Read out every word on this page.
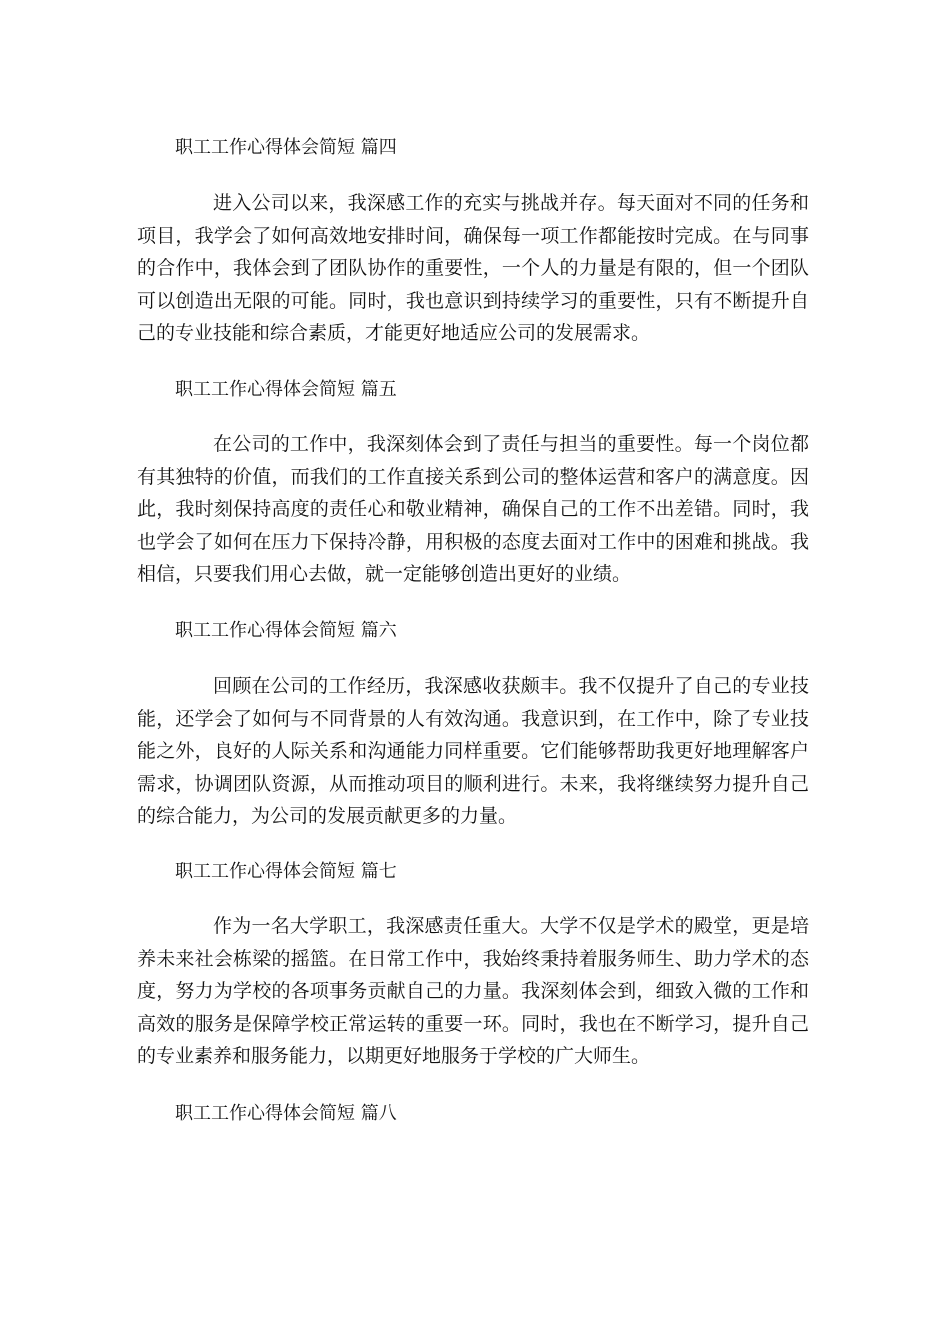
职工工作心得体会简短 篇四
进入公司以来，我深感工作的充实与挑战并存。每天面对不同的任务和项目，我学会了如何高效地安排时间，确保每一项工作都能按时完成。在与同事的合作中，我体会到了团队协作的重要性，一个人的力量是有限的，但一个团队可以创造出无限的可能。同时，我也意识到持续学习的重要性，只有不断提升自己的专业技能和综合素质，才能更好地适应公司的发展需求。
职工工作心得体会简短 篇五
在公司的工作中，我深刻体会到了责任与担当的重要性。每一个岗位都有其独特的价值，而我们的工作直接关系到公司的整体运营和客户的满意度。因此，我时刻保持高度的责任心和敬业精神，确保自己的工作不出差错。同时，我也学会了如何在压力下保持冷静，用积极的态度去面对工作中的困难和挑战。我相信，只要我们用心去做，就一定能够创造出更好的业绩。
职工工作心得体会简短 篇六
回顾在公司的工作经历，我深感收获颇丰。我不仅提升了自己的专业技能，还学会了如何与不同背景的人有效沟通。我意识到，在工作中，除了专业技能之外，良好的人际关系和沟通能力同样重要。它们能够帮助我更好地理解客户需求，协调团队资源，从而推动项目的顺利进行。未来，我将继续努力提升自己的综合能力，为公司的发展贡献更多的力量。
职工工作心得体会简短 篇七
作为一名大学职工，我深感责任重大。大学不仅是学术的殿堂，更是培养未来社会栋梁的摇篮。在日常工作中，我始终秉持着服务师生、助力学术的态度，努力为学校的各项事务贡献自己的力量。我深刻体会到，细致入微的工作和高效的服务是保障学校正常运转的重要一环。同时，我也在不断学习，提升自己的专业素养和服务能力，以期更好地服务于学校的广大师生。
职工工作心得体会简短 篇八
